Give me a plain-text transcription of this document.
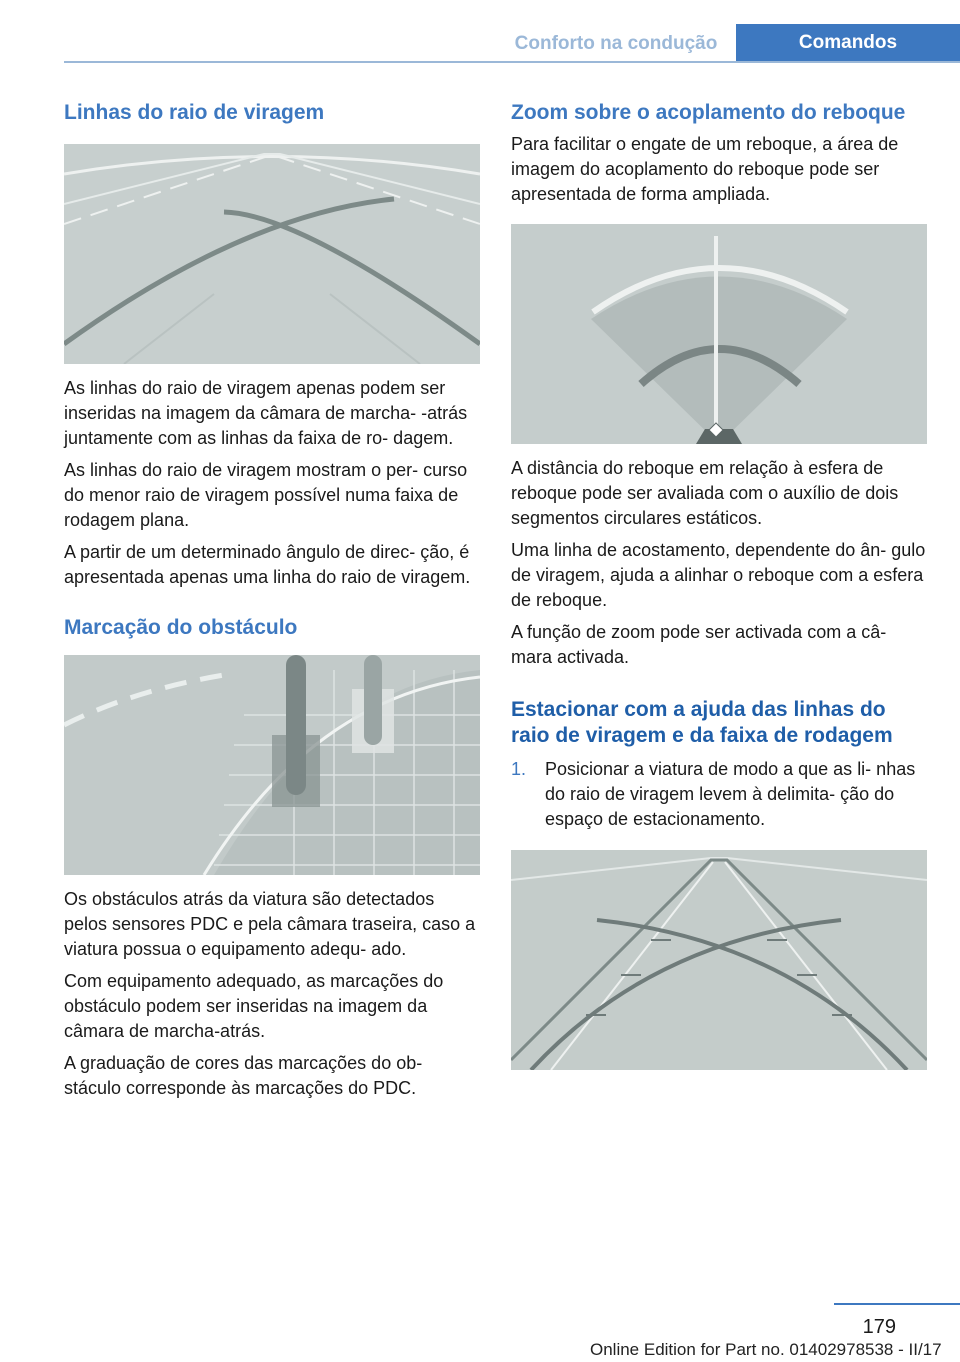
Conforto na condução	Comandos
Linhas do raio de viragem

As linhas do raio de viragem apenas podem ser inseridas na imagem da câmara de marcha- -atrás juntamente com as linhas da faixa de ro- dagem.

As linhas do raio de viragem mostram o per- curso do menor raio de viragem possível numa faixa de rodagem plana.

A partir de um determinado ângulo de direc- ção, é apresentada apenas uma linha do raio de viragem.

Marcação do obstáculo

Os obstáculos atrás da viatura são detectados pelos sensores PDC e pela câmara traseira, caso a viatura possua o equipamento adequ- ado.

Com equipamento adequado, as marcações do obstáculo podem ser inseridas na imagem da câmara de marcha-atrás.

A graduação de cores das marcações do ob- stáculo corresponde às marcações do PDC.

Zoom sobre o acoplamento do reboque

Para facilitar o engate de um reboque, a área de imagem do acoplamento do reboque pode ser apresentada de forma ampliada.

A distância do reboque em relação à esfera de reboque pode ser avaliada com o auxílio de dois segmentos circulares estáticos.

Uma linha de acostamento, dependente do ân- gulo de viragem, ajuda a alinhar o reboque com a esfera de reboque.

A função de zoom pode ser activada com a câ- mara activada.

Estacionar com a ajuda das linhas do raio de viragem e da faixa de rodagem
1. Posicionar a viatura de modo a que as li- nhas do raio de viragem levem à delimita- ção do espaço de estacionamento.
179
Online Edition for Part no. 01402978538 - II/17
